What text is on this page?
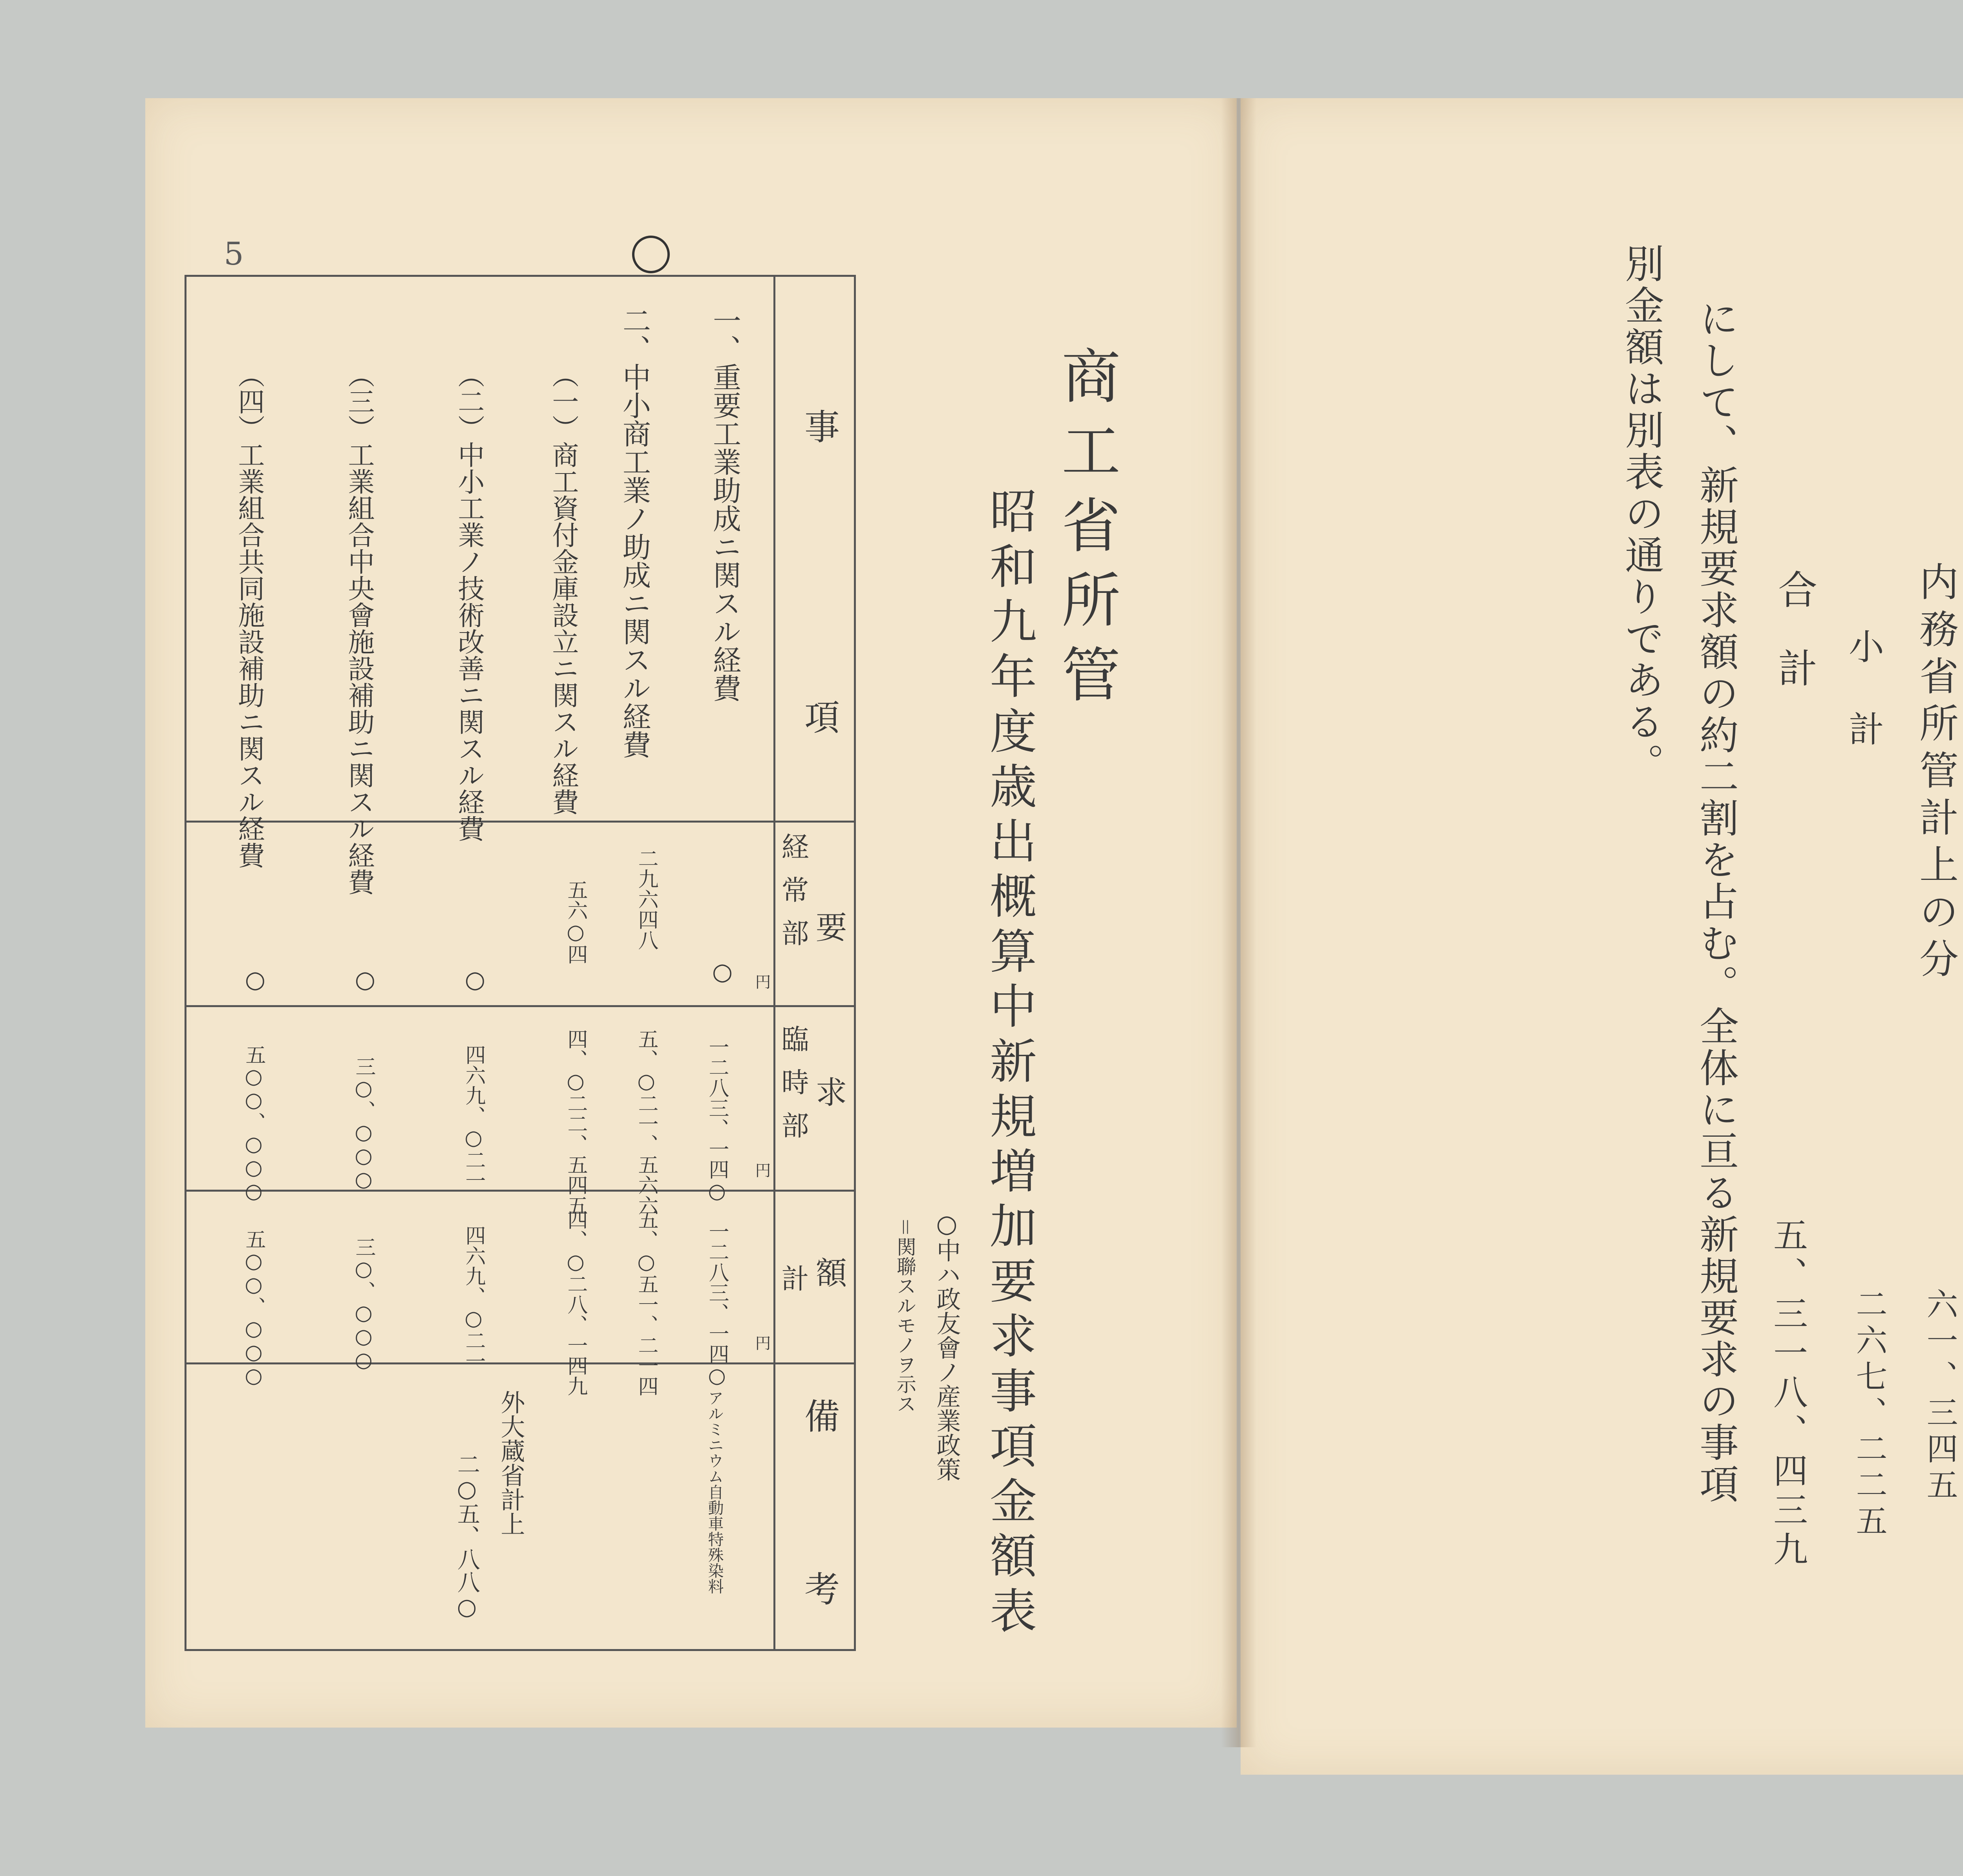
5
商工省所管
昭和九年度歳出概算中新規増加要求事項金額表
○中ハ政友會ノ産業政策
＝関聯スルモノヲ示ス
事
項
要
求
額
経常部
臨時部
計
備
考
円
円
円
一、重要工業助成ニ関スル経費
○
一二八三、一四○
一二八三、一四○
アルミニウム自動車特殊染料
二、中小商工業ノ助成ニ関スル経費
二九六四八
五、○二一、五六六
五、○五一、二一四
（一）商工資付金庫設立ニ関スル経費
五六○四
四、○二二、五四五
四、○二八、一四九
（二）中小工業ノ技術改善ニ関スル経費
○
四六九、○二一
四六九、○二一
（三）工業組合中央會施設補助ニ関スル経費
○
三○、○○○
三○、○○○
（四）工業組合共同施設補助ニ関スル経費
○
五○○、○○○
五○○、○○○
外大蔵省計上
二○五、八八○
内務省所管計上の分
小計
合計
六一、三四五
二六七、二二五
五、三一八、四三九
にして、新規要求額の約二割を占む。全体に亘る新規要求の事項
別金額は別表の通りである。
